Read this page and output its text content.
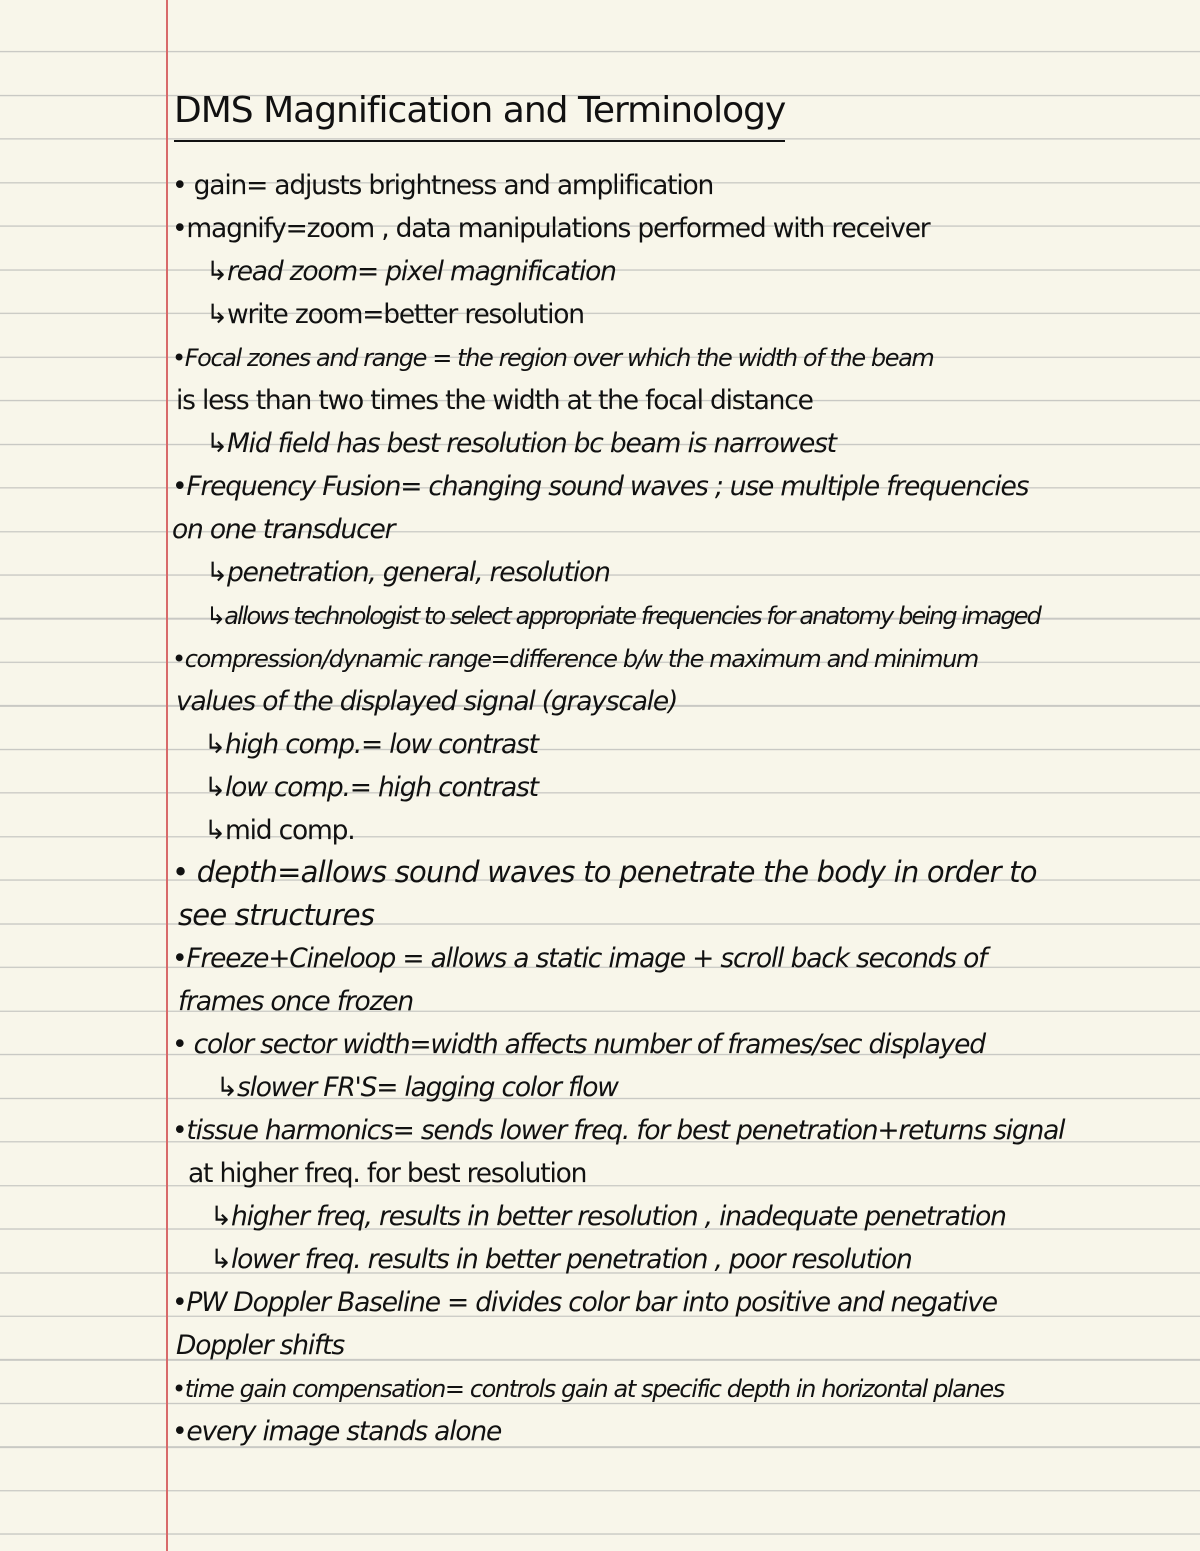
DMS Magnification and Terminology
• gain= adjusts brightness and amplification
•magnify=zoom , data manipulations performed with receiver
↳read zoom= pixel magnification
↳write zoom=better resolution
•Focal zones and range = the region over which the width of the beam
is less than two times the width at the focal distance
↳Mid field has best resolution bc beam is narrowest
•Frequency Fusion= changing sound waves ; use multiple frequencies
on one transducer
↳penetration, general, resolution
↳allows technologist to select appropriate frequencies for anatomy being imaged
•compression/dynamic range=difference b/w the maximum and minimum
values of the displayed signal (grayscale)
↳high comp.= low contrast
↳low comp.= high contrast
↳mid comp.
• depth=allows sound waves to penetrate the body in order to
see structures
•Freeze+Cineloop = allows a static image + scroll back seconds of
frames once frozen
• color sector width=width affects number of frames/sec displayed
↳slower FR'S= lagging color flow
•tissue harmonics= sends lower freq. for best penetration+returns signal
at higher freq. for best resolution
↳higher freq, results in better resolution , inadequate penetration
↳lower freq. results in better penetration , poor resolution
•PW Doppler Baseline = divides color bar into positive and negative
Doppler shifts
•time gain compensation= controls gain at specific depth in horizontal planes
•every image stands alone
